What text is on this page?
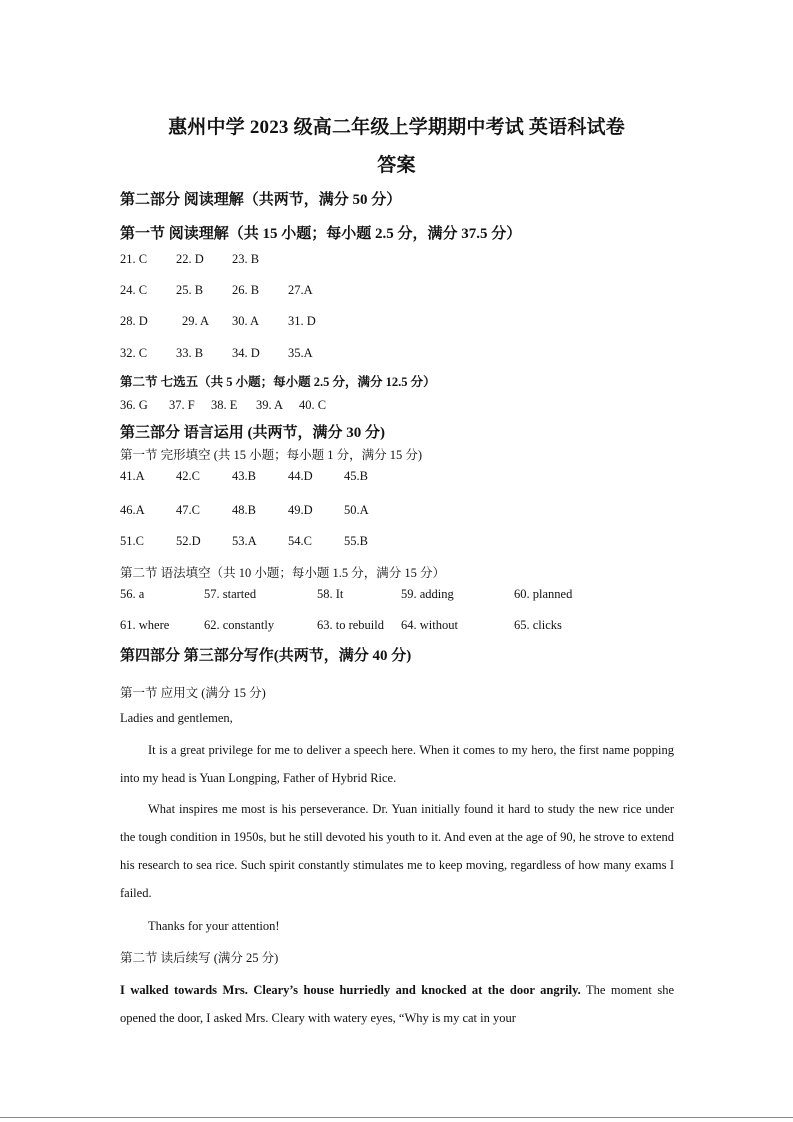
惠州中学 2023 级高二年级上学期期中考试 英语科试卷
答案
第二部分 阅读理解（共两节，满分 50 分）
第一节 阅读理解（共 15 小题；每小题 2.5 分，满分 37.5 分）
21. C 22. D 23. B
24. C 25. B 26. B 27.A
28. D	29. A 30. A 31. D
32. C 33. B 34. D 35.A
第二节 七选五（共 5 小题；每小题 2.5 分，满分 12.5 分）
36. G 37. F 38. E 39. A 40. C
第三部分 语言运用 (共两节，满分 30 分)
第一节 完形填空 (共 15 小题；每小题 1 分，满分 15 分)
41.A	42.C	43.B	44.D	45.B
46.A	47.C	48.B	49.D	50.A
51.C	52.D	53.A	54.C	55.B
第二节 语法填空（共 10 小题；每小题 1.5 分，满分 15 分）
56. a	57. started	58. It	59. adding	60. planned
61. where	62. constantly	63. to rebuild 64. without	65. clicks
第四部分 第三部分写作(共两节，满分 40 分)
第一节 应用文 (满分 15 分)
Ladies and gentlemen,
It is a great privilege for me to deliver a speech here. When it comes to my hero, the first name popping into my head is Yuan Longping, Father of Hybrid Rice.
What inspires me most is his perseverance. Dr. Yuan initially found it hard to study the new rice under the tough condition in 1950s, but he still devoted his youth to it. And even at the age of 90, he strove to extend his research to sea rice. Such spirit constantly stimulates me to keep moving, regardless of how many exams I failed.
Thanks for your attention!
第二节 读后续写 (满分 25 分)
I walked towards Mrs. Cleary’s house hurriedly and knocked at the door angrily. The moment she opened the door, I asked Mrs. Cleary with watery eyes, “Why is my cat in your
